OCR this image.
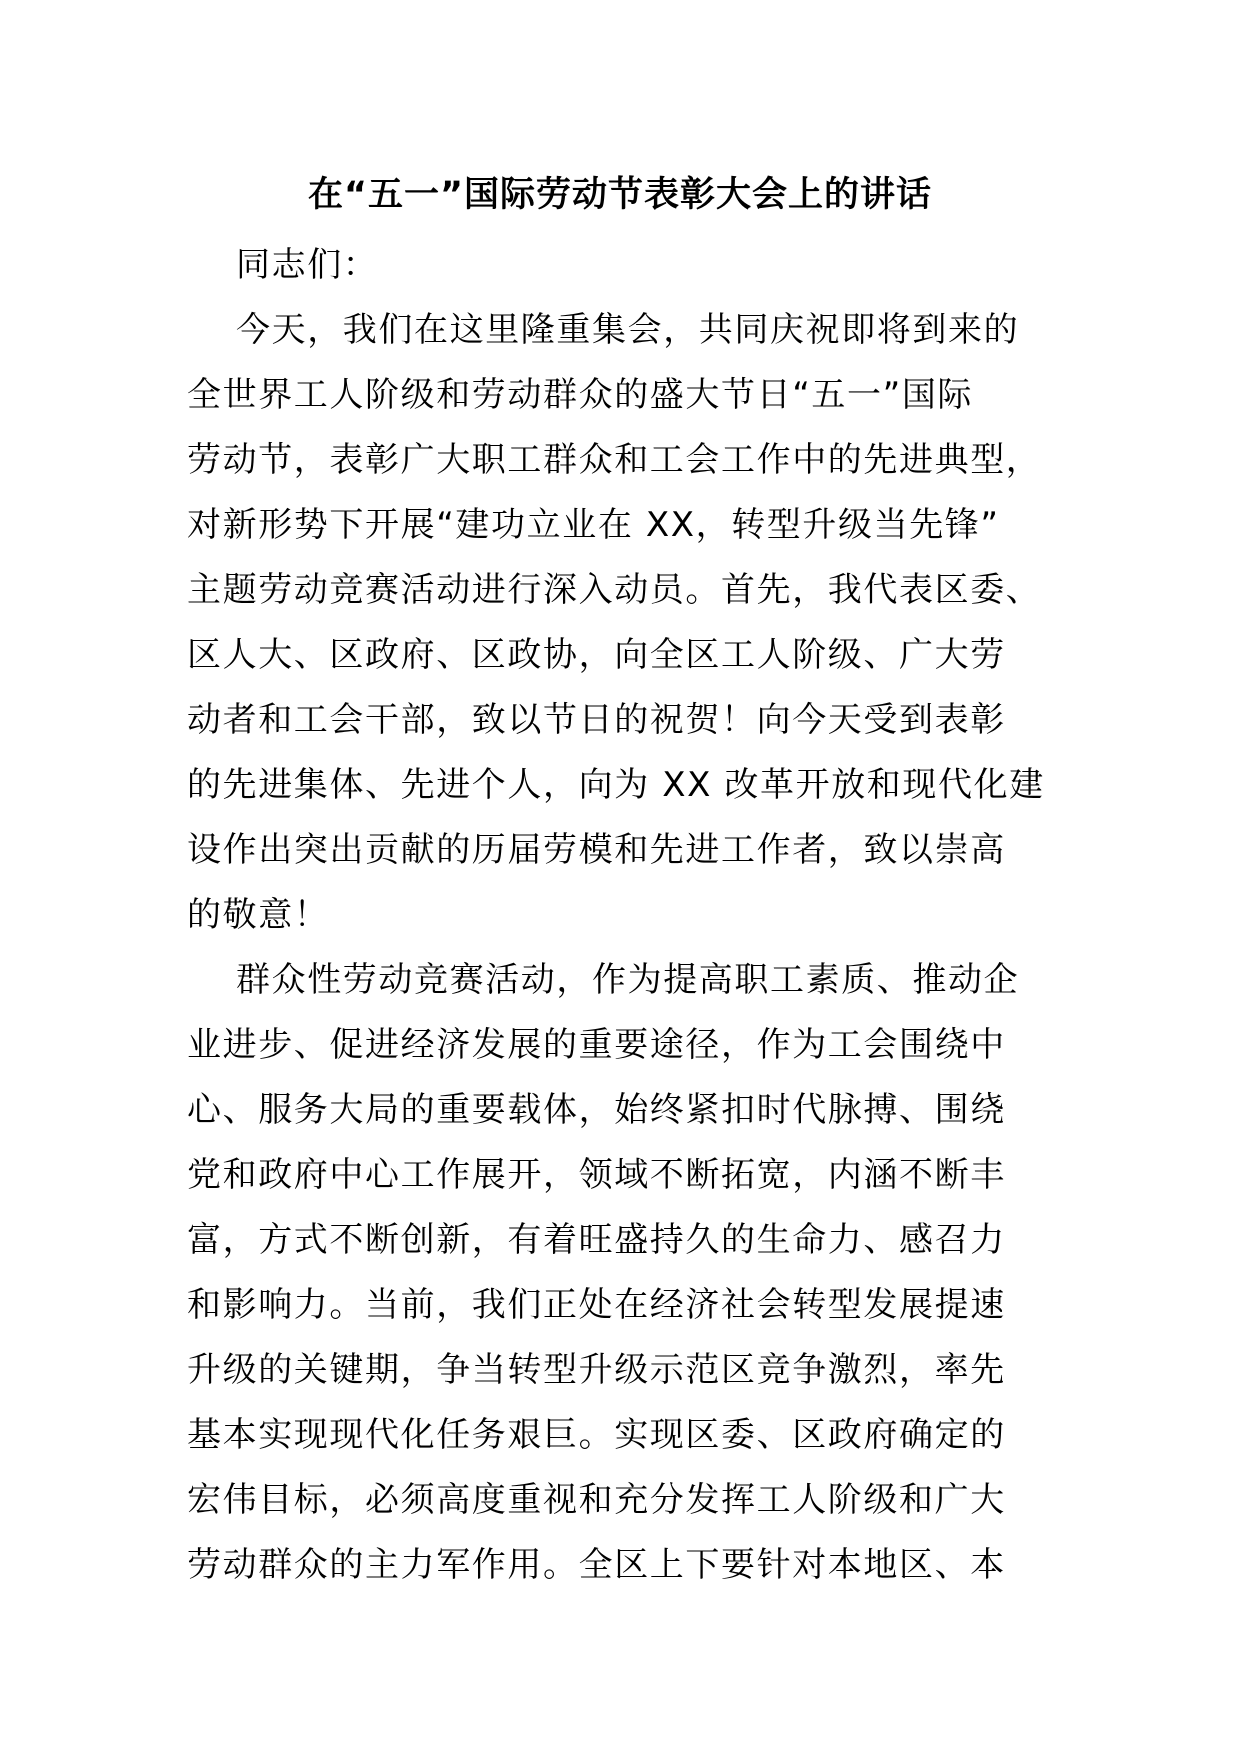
在“五一”国际劳动节表彰大会上的讲话
同志们：
今天，我们在这里隆重集会，共同庆祝即将到来的
全世界工人阶级和劳动群众的盛大节日“五一”国际
劳动节，表彰广大职工群众和工会工作中的先进典型，
对新形势下开展“建功立业在 XX，转型升级当先锋”
主题劳动竞赛活动进行深入动员。首先，我代表区委、
区人大、区政府、区政协，向全区工人阶级、广大劳
动者和工会干部，致以节日的祝贺！向今天受到表彰
的先进集体、先进个人，向为 XX 改革开放和现代化建
设作出突出贡献的历届劳模和先进工作者，致以崇高
的敬意！
群众性劳动竞赛活动，作为提高职工素质、推动企
业进步、促进经济发展的重要途径，作为工会围绕中
心、服务大局的重要载体，始终紧扣时代脉搏、围绕
党和政府中心工作展开，领域不断拓宽，内涵不断丰
富，方式不断创新，有着旺盛持久的生命力、感召力
和影响力。当前，我们正处在经济社会转型发展提速
升级的关键期，争当转型升级示范区竞争激烈，率先
基本实现现代化任务艰巨。实现区委、区政府确定的
宏伟目标，必须高度重视和充分发挥工人阶级和广大
劳动群众的主力军作用。全区上下要针对本地区、本
